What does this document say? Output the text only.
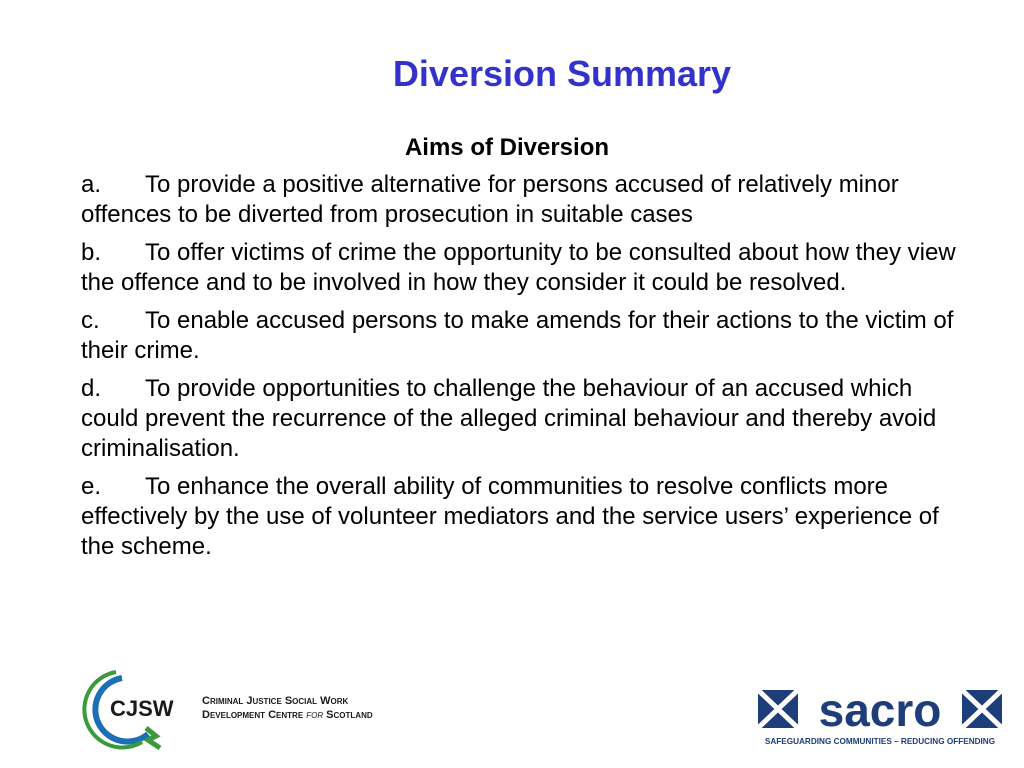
Diversion Summary
Aims of Diversion
a. To provide a positive alternative for persons accused of relatively minor offences to be diverted from prosecution in suitable cases
b. To offer victims of crime the opportunity to be consulted about how they view the offence and to be involved in how they consider it could be resolved.
c. To enable accused persons to make amends for their actions to the victim of their crime.
d. To provide opportunities to challenge the behaviour of an accused which could prevent the recurrence of the alleged criminal behaviour and thereby avoid criminalisation.
e. To enhance the overall ability of communities to resolve conflicts more effectively by the use of volunteer mediators and the service users’ experience of the scheme.
CJSW	Criminal Justice Social Work
Development Centre for Scotland	sacro
SAFEGUARDING COMMUNITIES – REDUCING OFFENDING
